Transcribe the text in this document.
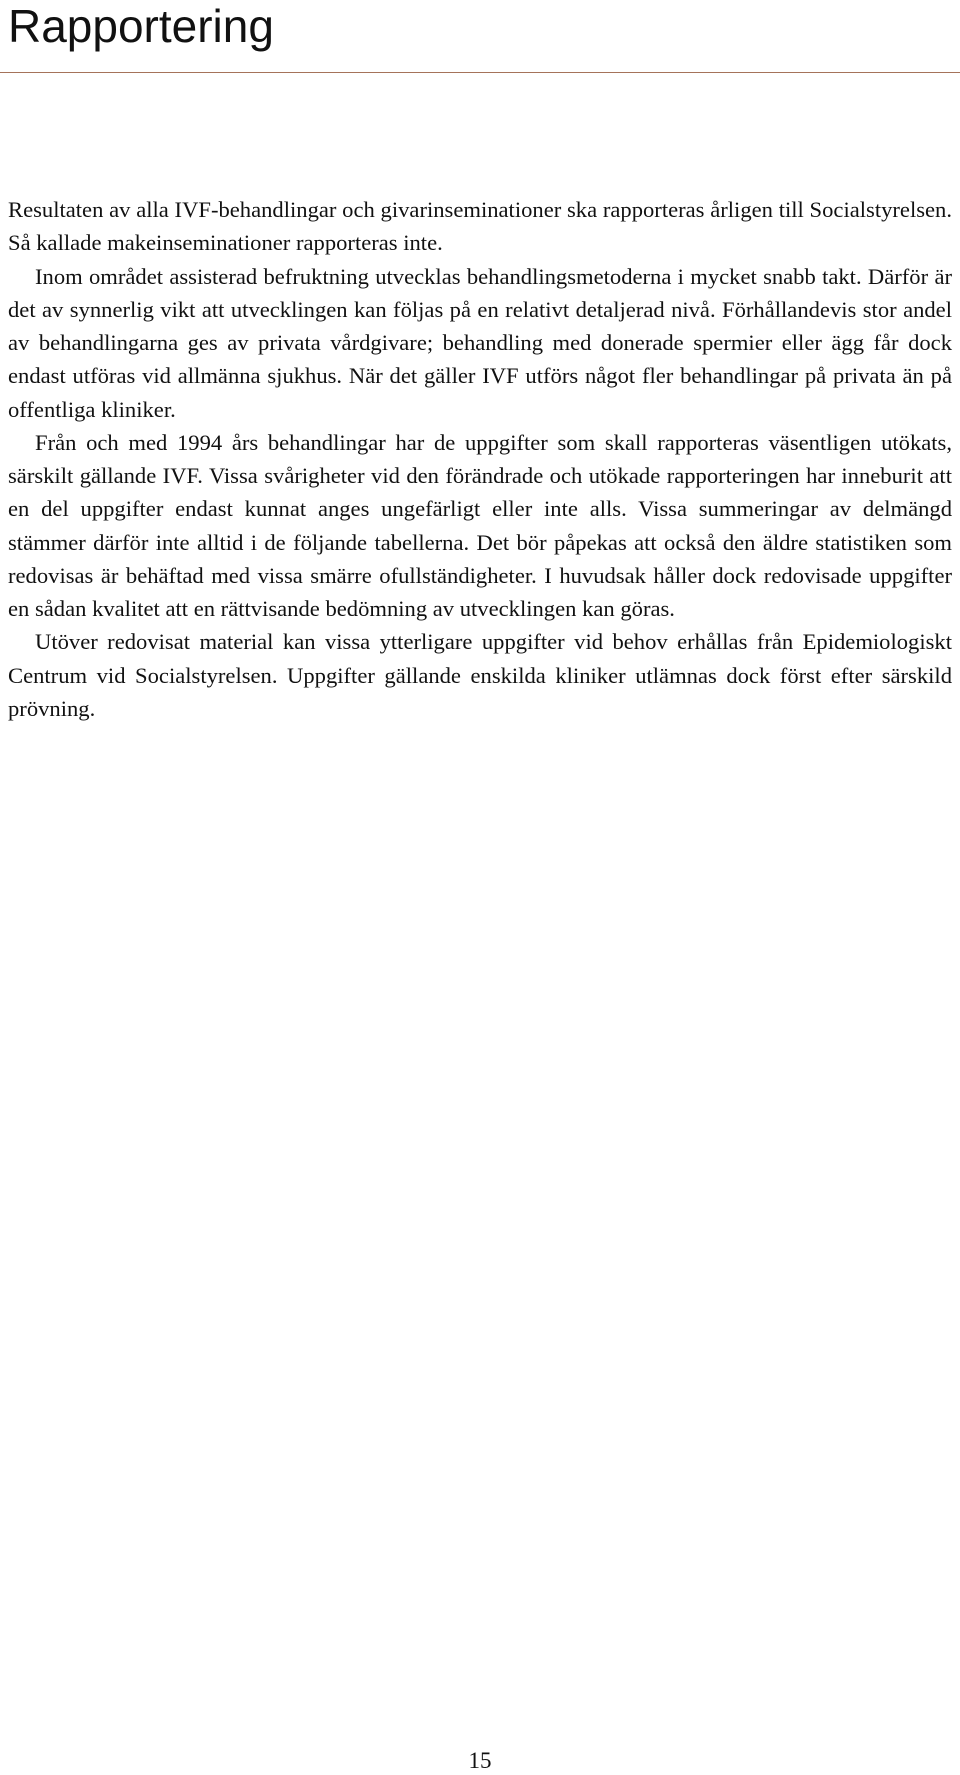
Rapportering

Resultaten av alla IVF-behandlingar och givarinseminationer ska rapporteras årligen till Socialstyrelsen. Så kallade makeinseminationer rapporteras inte.

Inom området assisterad befruktning utvecklas behandlingsmetoderna i mycket snabb takt. Därför är det av synnerlig vikt att utvecklingen kan följas på en relativt detaljerad nivå. Förhållandevis stor andel av behandlingarna ges av privata vårdgivare; behandling med donerade spermier eller ägg får dock endast utföras vid allmänna sjukhus. När det gäller IVF utförs något fler behandlingar på privata än på offentliga kliniker.

Från och med 1994 års behandlingar har de uppgifter som skall rapporteras väsentligen utökats, särskilt gällande IVF. Vissa svårigheter vid den förändrade och utökade rapporteringen har inneburit att en del uppgifter endast kunnat anges ungefärligt eller inte alls. Vissa summeringar av delmängd stämmer därför inte alltid i de följande tabellerna. Det bör påpekas att också den äldre statistiken som redovisas är behäftad med vissa smärre ofullständigheter. I huvudsak håller dock redovisade uppgifter en sådan kvalitet att en rättvisande bedömning av utvecklingen kan göras.

Utöver redovisat material kan vissa ytterligare uppgifter vid behov erhållas från Epidemiologiskt Centrum vid Socialstyrelsen. Uppgifter gällande enskilda kliniker utlämnas dock först efter särskild prövning.

15
